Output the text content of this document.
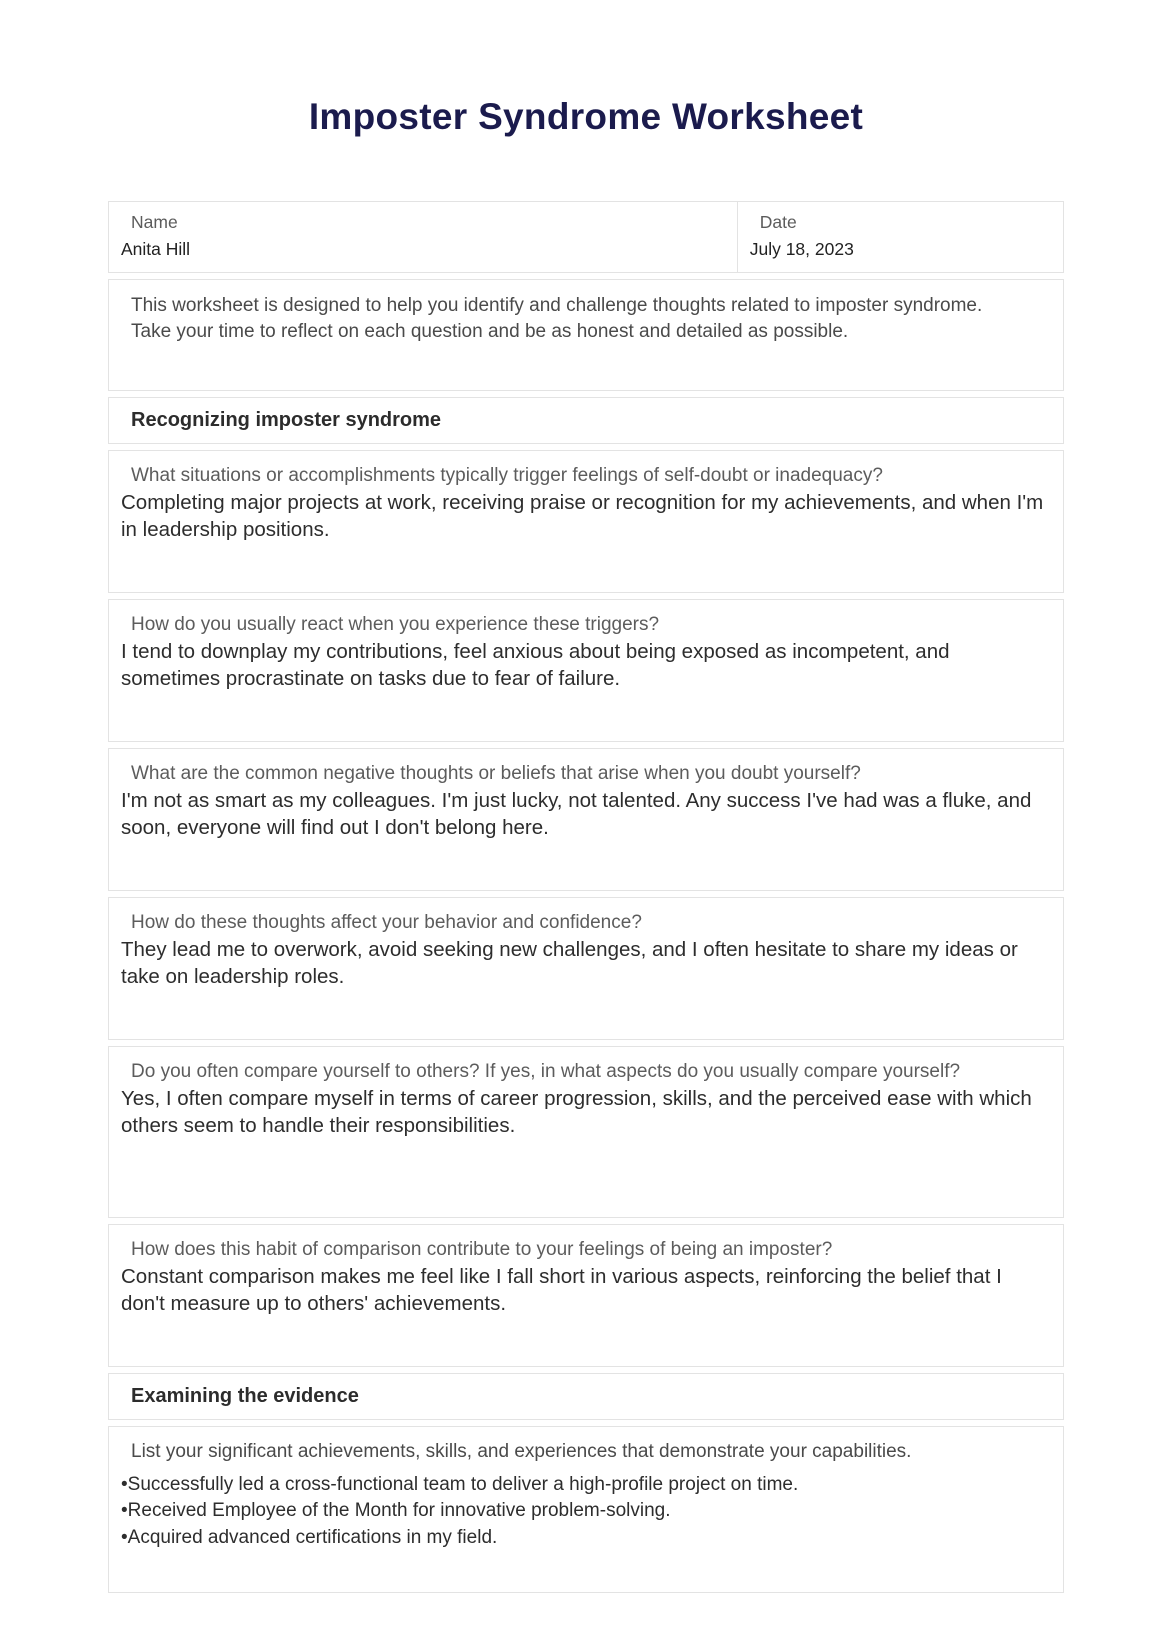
Imposter Syndrome Worksheet
Name
Anita Hill
Date
July 18, 2023

This worksheet is designed to help you identify and challenge thoughts related to imposter syndrome. Take your time to reflect on each question and be as honest and detailed as possible.

Recognizing imposter syndrome

What situations or accomplishments typically trigger feelings of self-doubt or inadequacy?

Completing major projects at work, receiving praise or recognition for my achievements, and when I'm in leadership positions.

How do you usually react when you experience these triggers?

I tend to downplay my contributions, feel anxious about being exposed as incompetent, and sometimes procrastinate on tasks due to fear of failure.

What are the common negative thoughts or beliefs that arise when you doubt yourself?

I'm not as smart as my colleagues. I'm just lucky, not talented. Any success I've had was a fluke, and soon, everyone will find out I don't belong here.

How do these thoughts affect your behavior and confidence?

They lead me to overwork, avoid seeking new challenges, and I often hesitate to share my ideas or take on leadership roles.

Do you often compare yourself to others? If yes, in what aspects do you usually compare yourself?

Yes, I often compare myself in terms of career progression, skills, and the perceived ease with which others seem to handle their responsibilities.

How does this habit of comparison contribute to your feelings of being an imposter?

Constant comparison makes me feel like I fall short in various aspects, reinforcing the belief that I don't measure up to others' achievements.

Examining the evidence

List your significant achievements, skills, and experiences that demonstrate your capabilities.

• Successfully led a cross-functional team to deliver a high-profile project on time.
• Received Employee of the Month for innovative problem-solving.
• Acquired advanced certifications in my field.
